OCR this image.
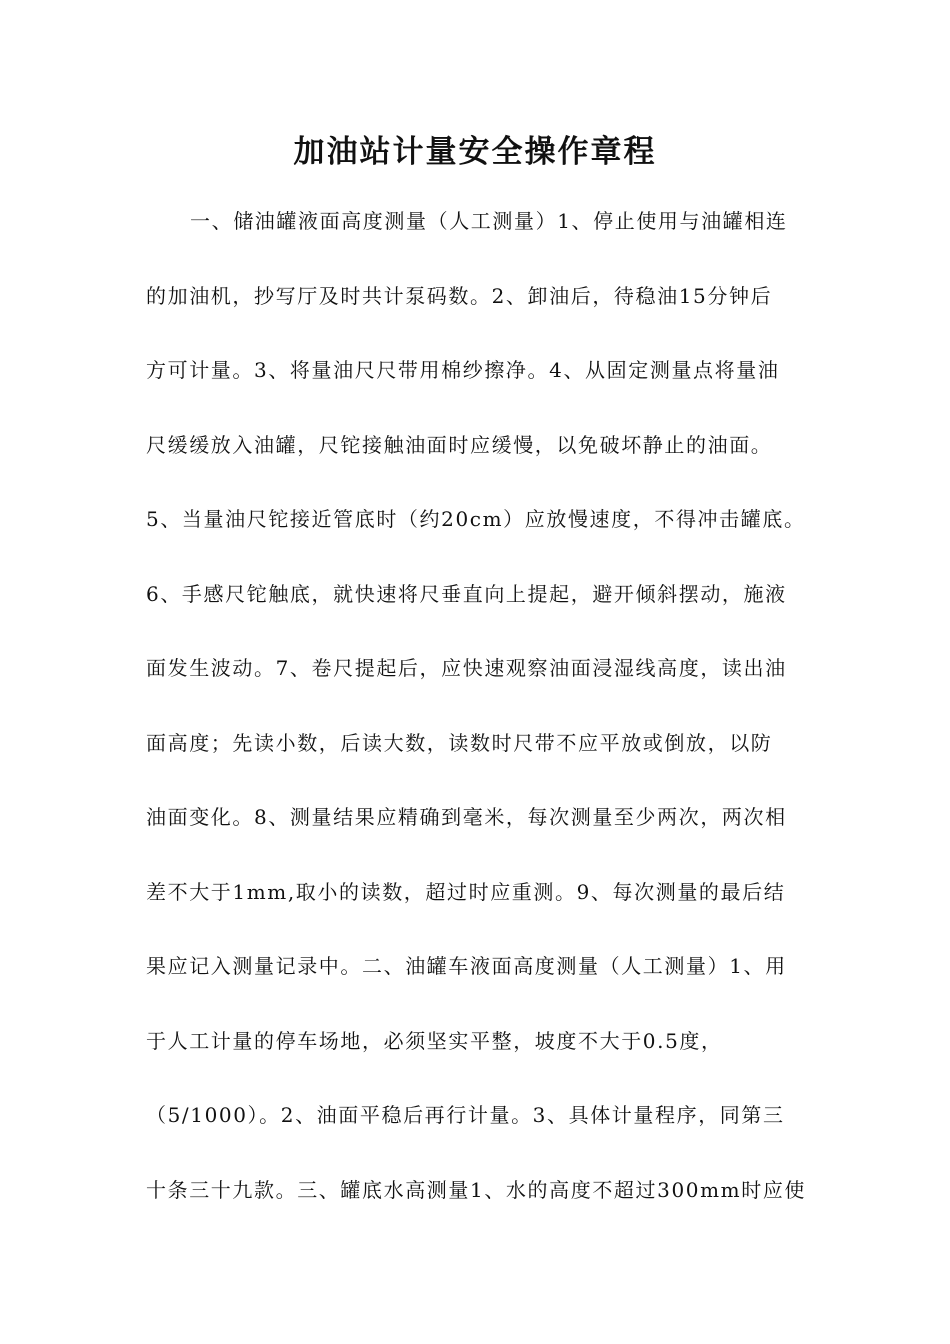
加油站计量安全操作章程
一、储油罐液面高度测量（人工测量）1、停止使用与油罐相连
的加油机，抄写厅及时共计泵码数。2、卸油后，待稳油15分钟后
方可计量。3、将量油尺尺带用棉纱擦净。4、从固定测量点将量油
尺缓缓放入油罐，尺铊接触油面时应缓慢，以免破坏静止的油面。
5、当量油尺铊接近管底时（约20cm）应放慢速度，不得冲击罐底。
6、手感尺铊触底，就快速将尺垂直向上提起，避开倾斜摆动，施液
面发生波动。7、卷尺提起后，应快速观察油面浸湿线高度，读出油
面高度；先读小数，后读大数，读数时尺带不应平放或倒放，以防
油面变化。8、测量结果应精确到毫米，每次测量至少两次，两次相
差不大于1mm,取小的读数，超过时应重测。9、每次测量的最后结
果应记入测量记录中。二、油罐车液面高度测量（人工测量）1、用
于人工计量的停车场地，必须坚实平整，坡度不大于0.5度，
（5/1000）。2、油面平稳后再行计量。3、具体计量程序，同第三
十条三十九款。三、罐底水高测量1、水的高度不超过300mm时应使
